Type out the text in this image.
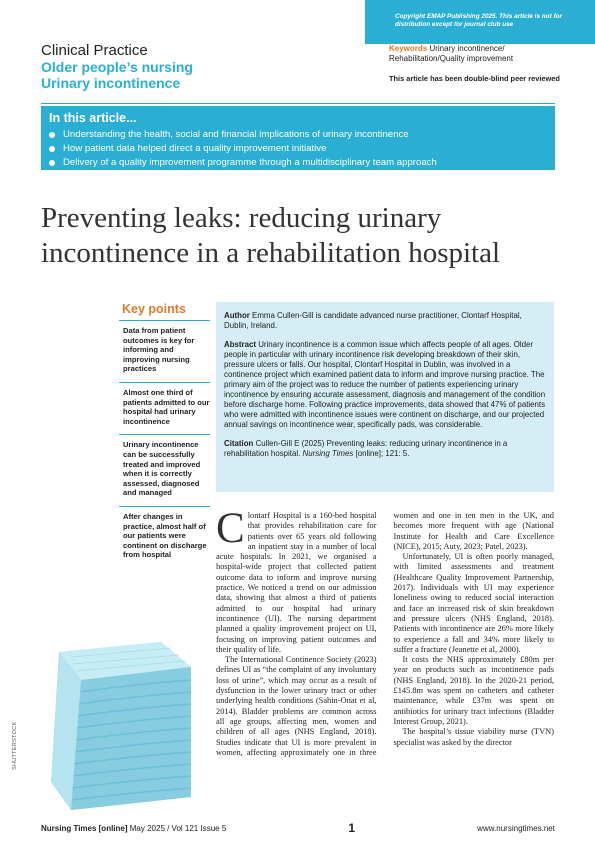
Copyright EMAP Publishing 2025. This article is not for distribution except for journal club use
Clinical Practice
Older people’s nursing
Urinary incontinence
Keywords Urinary incontinence/ Rehabilitation/Quality improvement
This article has been double-blind peer reviewed
In this article...
Understanding the health, social and financial implications of urinary incontinence
How patient data helped direct a quality improvement initiative
Delivery of a quality improvement programme through a multidisciplinary team approach
Preventing leaks: reducing urinary incontinence in a rehabilitation hospital
Key points
Data from patient outcomes is key for informing and improving nursing practices
Almost one third of patients admitted to our hospital had urinary incontinence
Urinary incontinence can be successfully treated and improved when it is correctly assessed, diagnosed and managed
After changes in practice, almost half of our patients were continent on discharge from hospital

Author Emma Cullen-Gill is candidate advanced nurse practitioner, Clontarf Hospital, Dublin, Ireland.

Abstract Urinary incontinence is a common issue which affects people of all ages. Older people in particular with urinary incontinence risk developing breakdown of their skin, pressure ulcers or falls. Our hospital, Clontarf Hospital in Dublin, was involved in a continence project which examined patient data to inform and improve nursing practice. The primary aim of the project was to reduce the number of patients experiencing urinary incontinence by ensuring accurate assessment, diagnosis and management of the condition before discharge home. Following practice improvements, data showed that 47% of patients who were admitted with incontinence issues were continent on discharge, and our projected annual savings on incontinence wear, specifically pads, was considerable.

Citation Cullen-Gill E (2025) Preventing leaks: reducing urinary incontinence in a rehabilitation hospital. Nursing Times [online]; 121: 5.

Clontarf Hospital is a 160-bed hospital that provides rehabilitation care for patients over 65 years old following an inpatient stay in a number of local acute hospitals. In 2021, we organised a hospital-wide project that collected patient outcome data to inform and improve nursing practice. We noticed a trend on our admission data, showing that almost a third of patients admitted to our hospital had urinary incontinence (UI). The nursing department planned a quality improvement project on UI, focusing on improving patient outcomes and their quality of life.

The International Continence Society (2023) defines UI as “the complaint of any involuntary loss of urine”, which may occur as a result of dysfunction in the lower urinary tract or other underlying health conditions (Sahin-Onat et al, 2014). Bladder problems are common across all age groups, affecting men, women and children of all ages (NHS England, 2018). Studies indicate that UI is more prevalent in women, affecting approximately one in three women and one in ten men in the UK, and becomes more frequent with age (National Institute for Health and Care Excellence (NICE), 2015; Auty, 2023; Patel, 2023).

Unfortunately, UI is often poorly managed, with limited assessments and treatment (Healthcare Quality Improvement Partnership, 2017). Individuals with UI may experience loneliness owing to reduced social interaction and face an increased risk of skin breakdown and pressure ulcers (NHS England, 2018). Patients with incontinence are 26% more likely to experience a fall and 34% more likely to suffer a fracture (Jeanette et al, 2000).

It costs the NHS approximately £80m per year on products such as incontinence pads (NHS England, 2018). In the 2020-21 period, £145.8m was spent on catheters and catheter maintenance, while £37m was spent on antibiotics for urinary tract infections (Bladder Interest Group, 2021).

The hospital’s tissue viability nurse (TVN) specialist was asked by the director

SHUTTERSTOCK
Nursing Times [online] May 2025 / Vol 121 Issue 5	1	www.nursingtimes.net
